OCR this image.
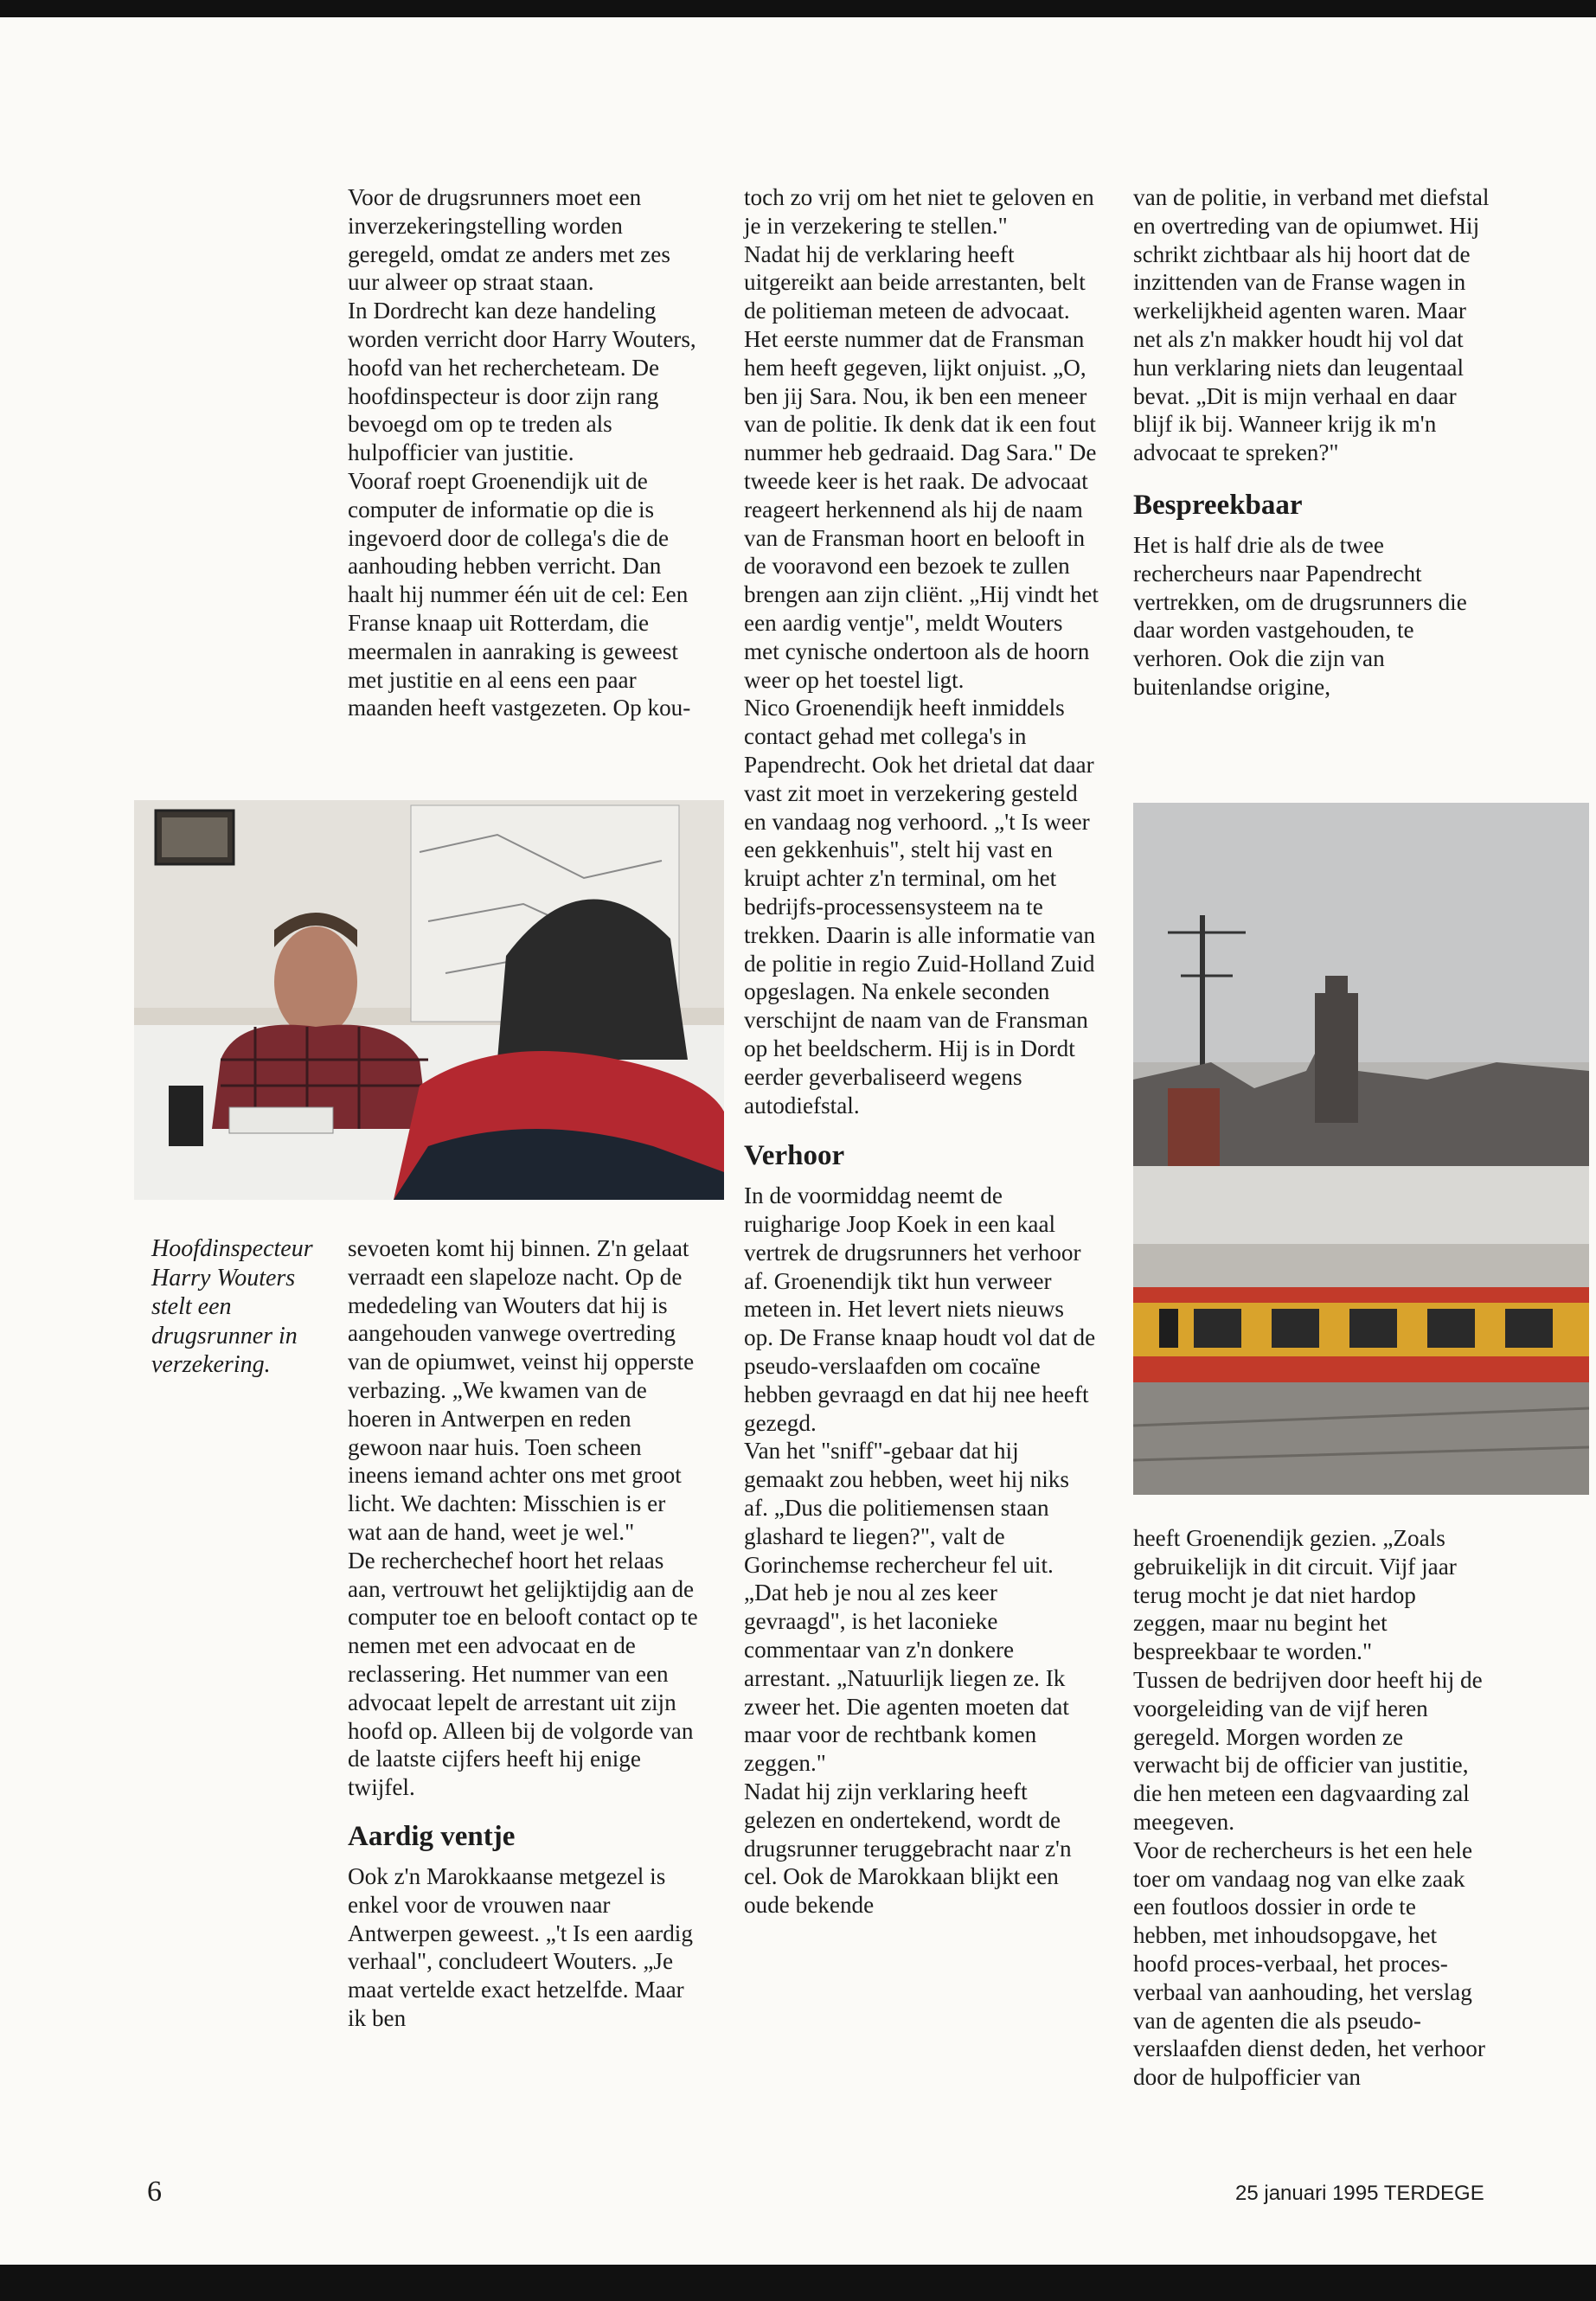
Voor de drugsrunners moet een inverzekeringstelling worden geregeld, omdat ze anders met zes uur alweer op straat staan.

In Dordrecht kan deze handeling worden verricht door Harry Wouters, hoofd van het rechercheteam. De hoofdinspecteur is door zijn rang bevoegd om op te treden als hulpofficier van justitie.

Vooraf roept Groenendijk uit de computer de informatie op die is ingevoerd door de collega's die de aanhouding hebben verricht. Dan haalt hij nummer één uit de cel: Een Franse knaap uit Rotterdam, die meermalen in aanraking is geweest met justitie en al eens een paar maanden heeft vastgezeten. Op kou-

Hoofdinspecteur Harry Wouters stelt een drugsrunner in verzekering.

sevoeten komt hij binnen. Z'n gelaat verraadt een slapeloze nacht. Op de mededeling van Wouters dat hij is aangehouden vanwege overtreding van de opiumwet, veinst hij opperste verbazing. „We kwamen van de hoeren in Antwerpen en reden gewoon naar huis. Toen scheen ineens iemand achter ons met groot licht. We dachten: Misschien is er wat aan de hand, weet je wel."

De recherchechef hoort het relaas aan, vertrouwt het gelijktijdig aan de computer toe en belooft contact op te nemen met een advocaat en de reclassering. Het nummer van een advocaat lepelt de arrestant uit zijn hoofd op. Alleen bij de volgorde van de laatste cijfers heeft hij enige twijfel.

Aardig ventje

Ook z'n Marokkaanse metgezel is enkel voor de vrouwen naar Antwerpen geweest. „'t Is een aardig verhaal", concludeert Wouters. „Je maat vertelde exact hetzelfde. Maar ik ben

toch zo vrij om het niet te geloven en je in verzekering te stellen."

Nadat hij de verklaring heeft uitgereikt aan beide arrestanten, belt de politieman meteen de advocaat. Het eerste nummer dat de Fransman hem heeft gegeven, lijkt onjuist. „O, ben jij Sara. Nou, ik ben een meneer van de politie. Ik denk dat ik een fout nummer heb gedraaid. Dag Sara." De tweede keer is het raak. De advocaat reageert herkennend als hij de naam van de Fransman hoort en belooft in de vooravond een bezoek te zullen brengen aan zijn cliënt. „Hij vindt het een aardig ventje", meldt Wouters met cynische ondertoon als de hoorn weer op het toestel ligt.

Nico Groenendijk heeft inmiddels contact gehad met collega's in Papendrecht. Ook het drietal dat daar vast zit moet in verzekering gesteld en vandaag nog verhoord. „'t Is weer een gekkenhuis", stelt hij vast en kruipt achter z'n terminal, om het bedrijfs-processensysteem na te trekken. Daarin is alle informatie van de politie in regio Zuid-Holland Zuid opgeslagen. Na enkele seconden verschijnt de naam van de Fransman op het beeldscherm. Hij is in Dordt eerder geverbaliseerd wegens autodiefstal.

Verhoor

In de voormiddag neemt de ruigharige Joop Koek in een kaal vertrek de drugsrunners het verhoor af. Groenendijk tikt hun verweer meteen in. Het levert niets nieuws op. De Franse knaap houdt vol dat de pseudo-verslaafden om cocaïne hebben gevraagd en dat hij nee heeft gezegd.

Van het "sniff"-gebaar dat hij gemaakt zou hebben, weet hij niks af. „Dus die politiemensen staan glashard te liegen?", valt de Gorinchemse rechercheur fel uit. „Dat heb je nou al zes keer gevraagd", is het laconieke commentaar van z'n donkere arrestant. „Natuurlijk liegen ze. Ik zweer het. Die agenten moeten dat maar voor de rechtbank komen zeggen."

Nadat hij zijn verklaring heeft gelezen en ondertekend, wordt de drugsrunner teruggebracht naar z'n cel. Ook de Marokkaan blijkt een oude bekende

van de politie, in verband met diefstal en overtreding van de opiumwet. Hij schrikt zichtbaar als hij hoort dat de inzittenden van de Franse wagen in werkelijkheid agenten waren. Maar net als z'n makker houdt hij vol dat hun verklaring niets dan leugentaal bevat. „Dit is mijn verhaal en daar blijf ik bij. Wanneer krijg ik m'n advocaat te spreken?"

Bespreekbaar

Het is half drie als de twee rechercheurs naar Papendrecht vertrekken, om de drugsrunners die daar worden vastgehouden, te verhoren. Ook die zijn van buitenlandse origine,

heeft Groenendijk gezien. „Zoals gebruikelijk in dit circuit. Vijf jaar terug mocht je dat niet hardop zeggen, maar nu begint het bespreekbaar te worden."

Tussen de bedrijven door heeft hij de voorgeleiding van de vijf heren geregeld. Morgen worden ze verwacht bij de officier van justitie, die hen meteen een dagvaarding zal meegeven.

Voor de rechercheurs is het een hele toer om vandaag nog van elke zaak een foutloos dossier in orde te hebben, met inhoudsopgave, het hoofd proces-verbaal, het proces-verbaal van aanhouding, het verslag van de agenten die als pseudo-verslaafden dienst deden, het verhoor door de hulpofficier van

6	25 januari 1995 TERDEGE
